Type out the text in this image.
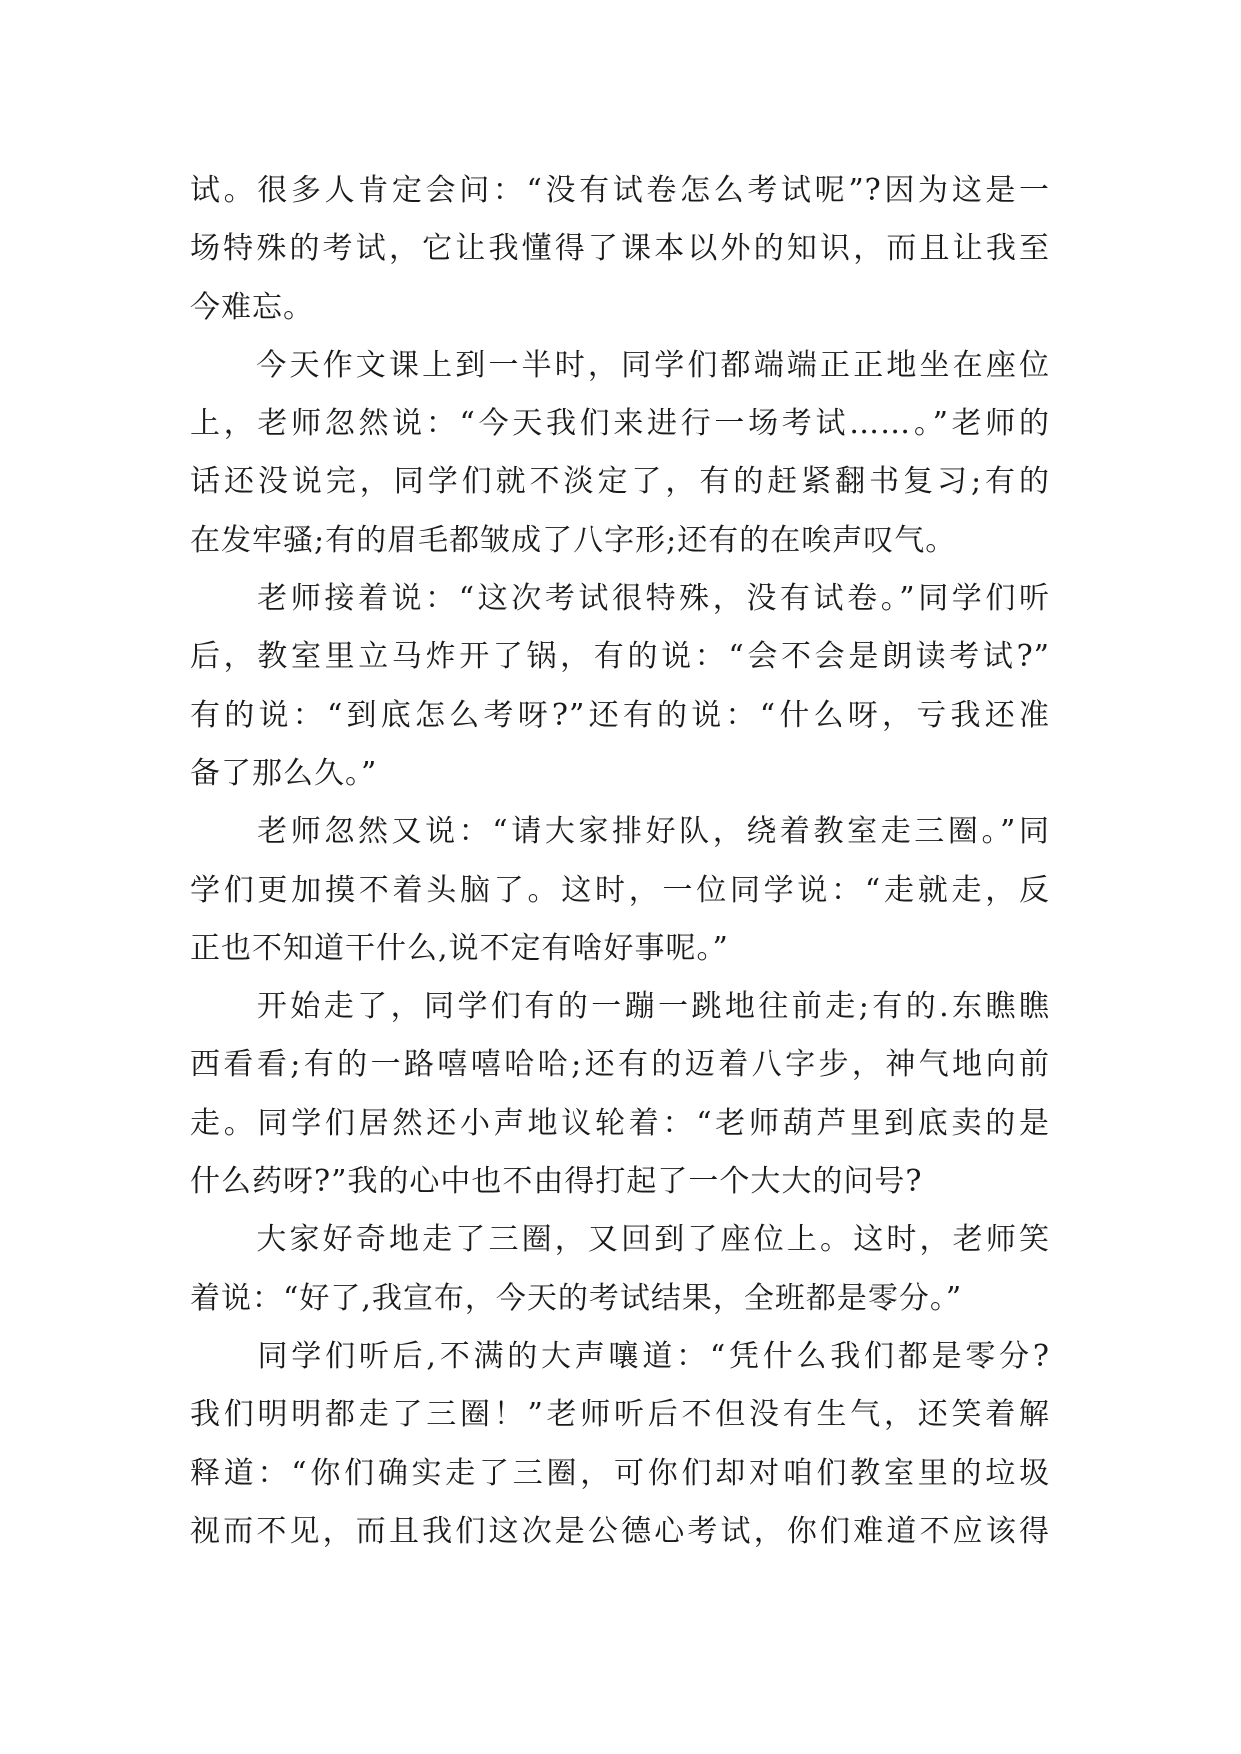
试。很多人肯定会问：“没有试卷怎么考试呢”?因为这是一
场特殊的考试，它让我懂得了课本以外的知识，而且让我至
今难忘。
　　今天作文课上到一半时，同学们都端端正正地坐在座位
上，老师忽然说：“今天我们来进行一场考试……。”老师的
话还没说完，同学们就不淡定了，有的赶紧翻书复习;有的
在发牢骚;有的眉毛都皱成了八字形;还有的在唉声叹气。
　　老师接着说：“这次考试很特殊，没有试卷。”同学们听
后，教室里立马炸开了锅，有的说：“会不会是朗读考试?”
有的说：“到底怎么考呀?”还有的说：“什么呀，亏我还准
备了那么久。”
　　老师忽然又说：“请大家排好队，绕着教室走三圈。”同
学们更加摸不着头脑了。这时，一位同学说：“走就走，反
正也不知道干什么,说不定有啥好事呢。”
　　开始走了，同学们有的一蹦一跳地往前走;有的.东瞧瞧
西看看;有的一路嘻嘻哈哈;还有的迈着八字步，神气地向前
走。同学们居然还小声地议轮着：“老师葫芦里到底卖的是
什么药呀?”我的心中也不由得打起了一个大大的问号?
　　大家好奇地走了三圈，又回到了座位上。这时，老师笑
着说：“好了,我宣布，今天的考试结果，全班都是零分。”
　　同学们听后,不满的大声嚷道：“凭什么我们都是零分?
我们明明都走了三圈！”老师听后不但没有生气，还笑着解
释道：“你们确实走了三圈，可你们却对咱们教室里的垃圾
视而不见，而且我们这次是公德心考试，你们难道不应该得
